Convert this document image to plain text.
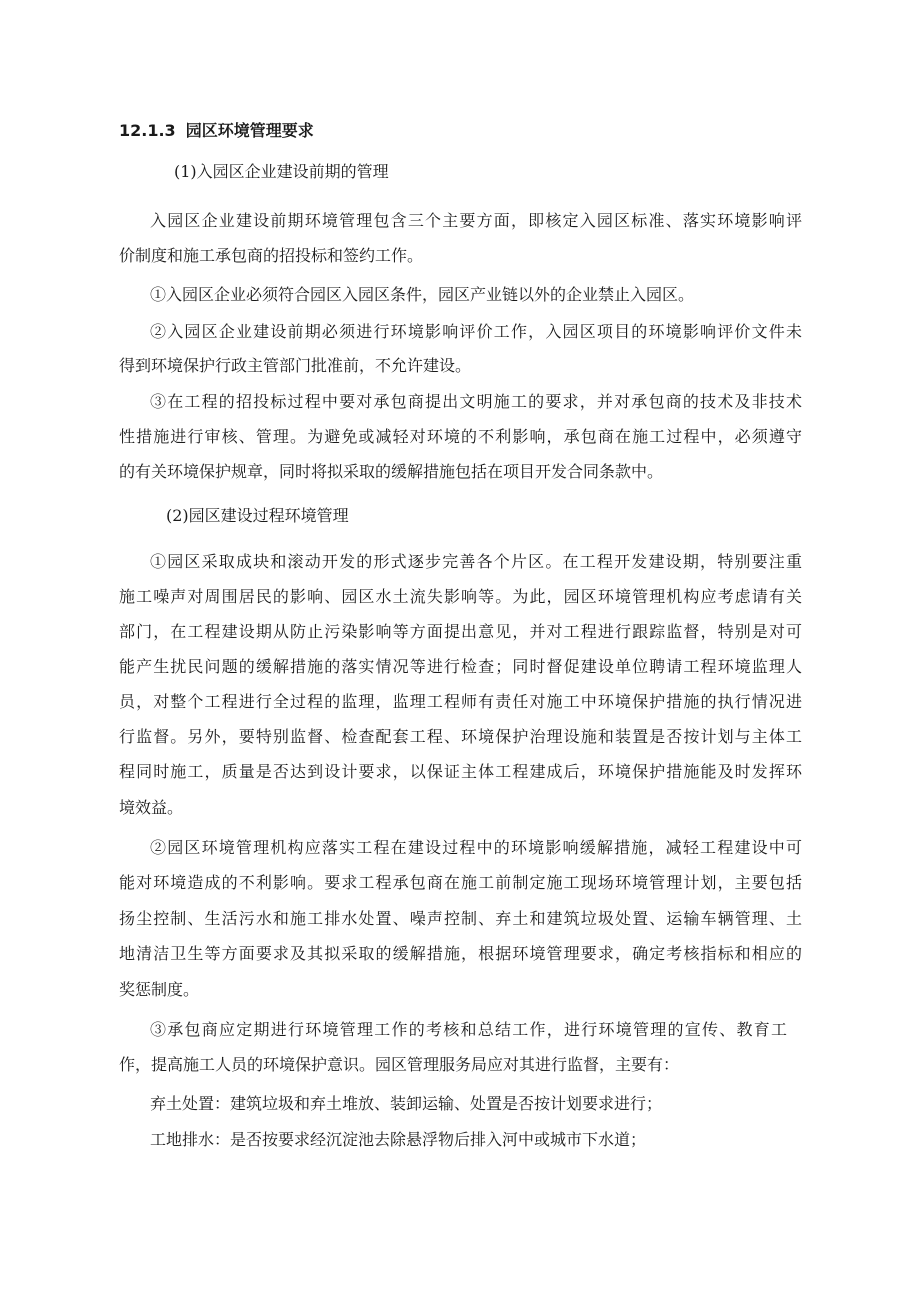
12.1.3 园区环境管理要求
(1)入园区企业建设前期的管理
入园区企业建设前期环境管理包含三个主要方面，即核定入园区标准、落实环境影响评
价制度和施工承包商的招投标和签约工作。
①入园区企业必须符合园区入园区条件，园区产业链以外的企业禁止入园区。
②入园区企业建设前期必须进行环境影响评价工作，入园区项目的环境影响评价文件未
得到环境保护行政主管部门批准前，不允许建设。
③在工程的招投标过程中要对承包商提出文明施工的要求，并对承包商的技术及非技术
性措施进行审核、管理。为避免或减轻对环境的不利影响，承包商在施工过程中，必须遵守
的有关环境保护规章，同时将拟采取的缓解措施包括在项目开发合同条款中。
(2)园区建设过程环境管理
①园区采取成块和滚动开发的形式逐步完善各个片区。在工程开发建设期，特别要注重
施工噪声对周围居民的影响、园区水土流失影响等。为此，园区环境管理机构应考虑请有关
部门，在工程建设期从防止污染影响等方面提出意见，并对工程进行跟踪监督，特别是对可
能产生扰民问题的缓解措施的落实情况等进行检查；同时督促建设单位聘请工程环境监理人
员，对整个工程进行全过程的监理，监理工程师有责任对施工中环境保护措施的执行情况进
行监督。另外，要特别监督、检查配套工程、环境保护治理设施和装置是否按计划与主体工
程同时施工，质量是否达到设计要求，以保证主体工程建成后，环境保护措施能及时发挥环
境效益。
②园区环境管理机构应落实工程在建设过程中的环境影响缓解措施，减轻工程建设中可
能对环境造成的不利影响。要求工程承包商在施工前制定施工现场环境管理计划，主要包括
扬尘控制、生活污水和施工排水处置、噪声控制、弃土和建筑垃圾处置、运输车辆管理、土
地清洁卫生等方面要求及其拟采取的缓解措施，根据环境管理要求，确定考核指标和相应的
奖惩制度。
③承包商应定期进行环境管理工作的考核和总结工作，进行环境管理的宣传、教育工
作，提高施工人员的环境保护意识。园区管理服务局应对其进行监督，主要有：
弃土处置：建筑垃圾和弃土堆放、装卸运输、处置是否按计划要求进行；
工地排水：是否按要求经沉淀池去除悬浮物后排入河中或城市下水道；
